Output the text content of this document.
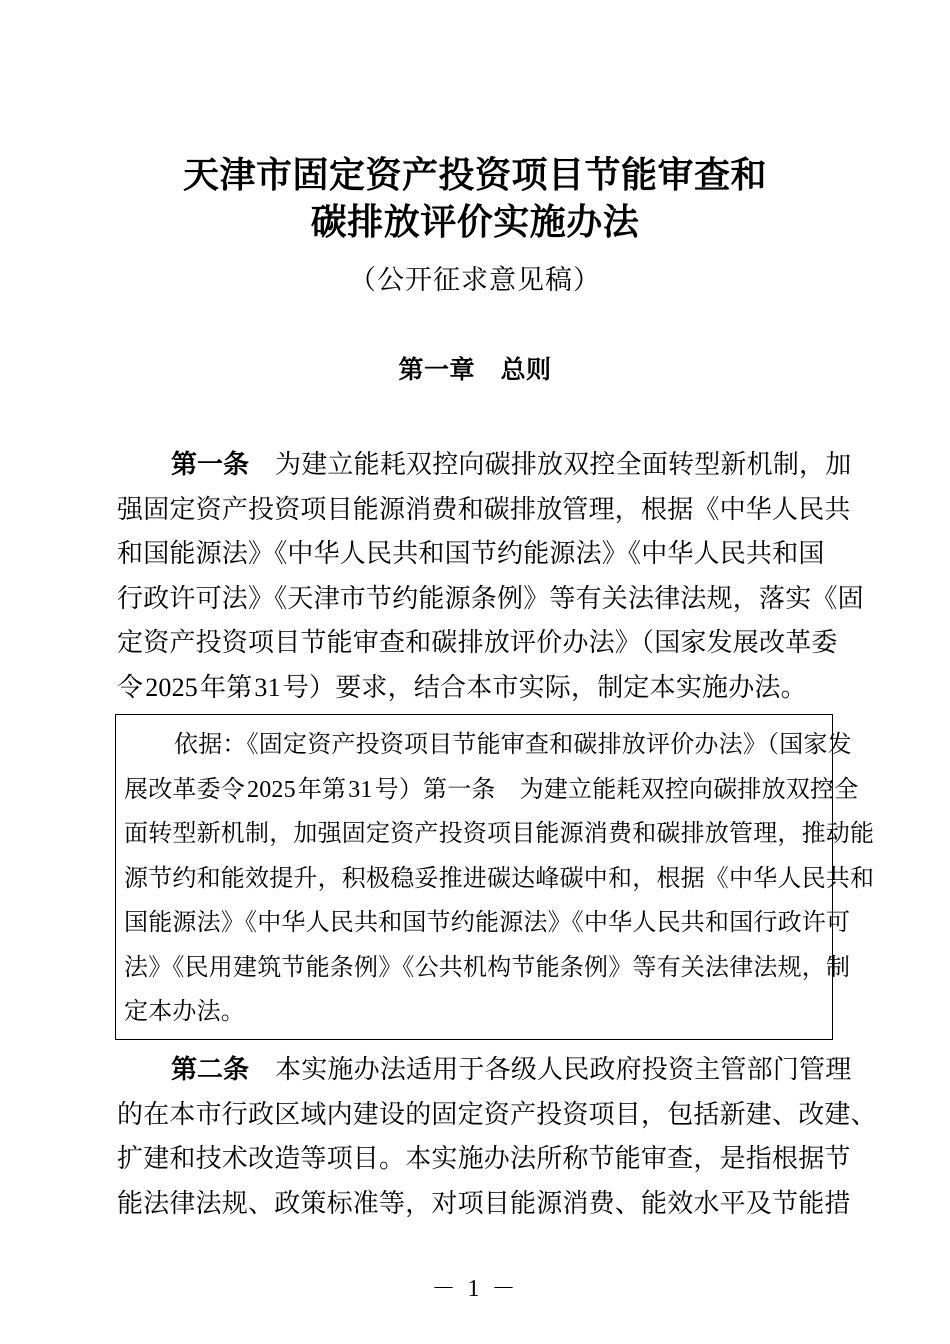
天津市固定资产投资项目节能审查和
碳排放评价实施办法
（公开征求意见稿）
第一章　总则
第一条 为建立能耗双控向碳排放双控全面转型新机制，加
强固定资产投资项目能源消费和碳排放管理，根据《中华人民共
和国能源法》《中华人民共和国节约能源法》《中华人民共和国
行政许可法》《天津市节约能源条例》等有关法律法规，落实《固
定资产投资项目节能审查和碳排放评价办法》（国家发展改革委
令2025年第31号）要求，结合本市实际，制定本实施办法。
依据：《固定资产投资项目节能审查和碳排放评价办法》（国家发
展改革委令2025年第31号）第一条 为建立能耗双控向碳排放双控全
面转型新机制，加强固定资产投资项目能源消费和碳排放管理，推动能
源节约和能效提升，积极稳妥推进碳达峰碳中和，根据《中华人民共和
国能源法》《中华人民共和国节约能源法》《中华人民共和国行政许可
法》《民用建筑节能条例》《公共机构节能条例》等有关法律法规，制
定本办法。
第二条 本实施办法适用于各级人民政府投资主管部门管理
的在本市行政区域内建设的固定资产投资项目，包括新建、改建、
扩建和技术改造等项目。本实施办法所称节能审查，是指根据节
能法律法规、政策标准等，对项目能源消费、能效水平及节能措
－ 1 －
